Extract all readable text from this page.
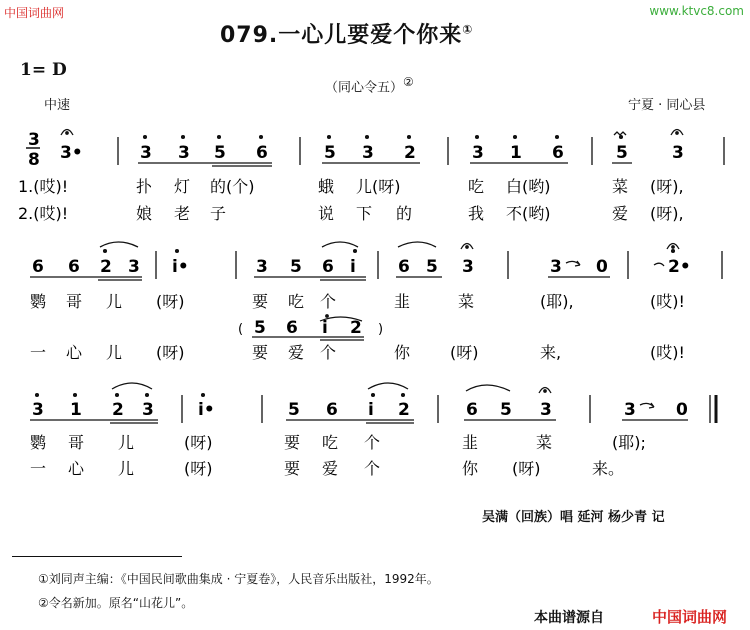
中国词曲网	www.ktvc8.com
079.一心儿要爱个你来①
1= D
（同心令五）②
中速	宁夏 · 同心县
3
8 3•	3 3 5 6	5 3 2	3 1 6	5	3
1.(哎)!	扑 灯 的(个)	蛾 儿(呀)	吃 白(哟)	菜 (呀),
2.(哎)!	娘 老 子	说 下 的	我 不(哟)	爱 (呀),
6 6 2 3 i•	3 5 6 i 6 5 3	3 0	2•
鹦 哥 儿 (呀)	要 吃 个	韭	菜	(耶),	(哎)!
( 5 6 i 2 )
一 心 儿 (呀)	要 爱 个	你 (呀)	来,	(哎)!
3 1 2 3	i•	5 6 i 2	6 5 3	3 0
鹦 哥 儿	(呀)	要 吃 个	韭	菜	(耶);
一 心 儿	(呀)	要 爱 个	你 (呀)	来。
吴满（回族）唱 延河 杨少青 记
①刘同声主编：《中国民间歌曲集成 · 宁夏卷》，人民音乐出版社，1992年。
②令名新加。原名“山花儿”。
本曲谱源自	中国词曲网
